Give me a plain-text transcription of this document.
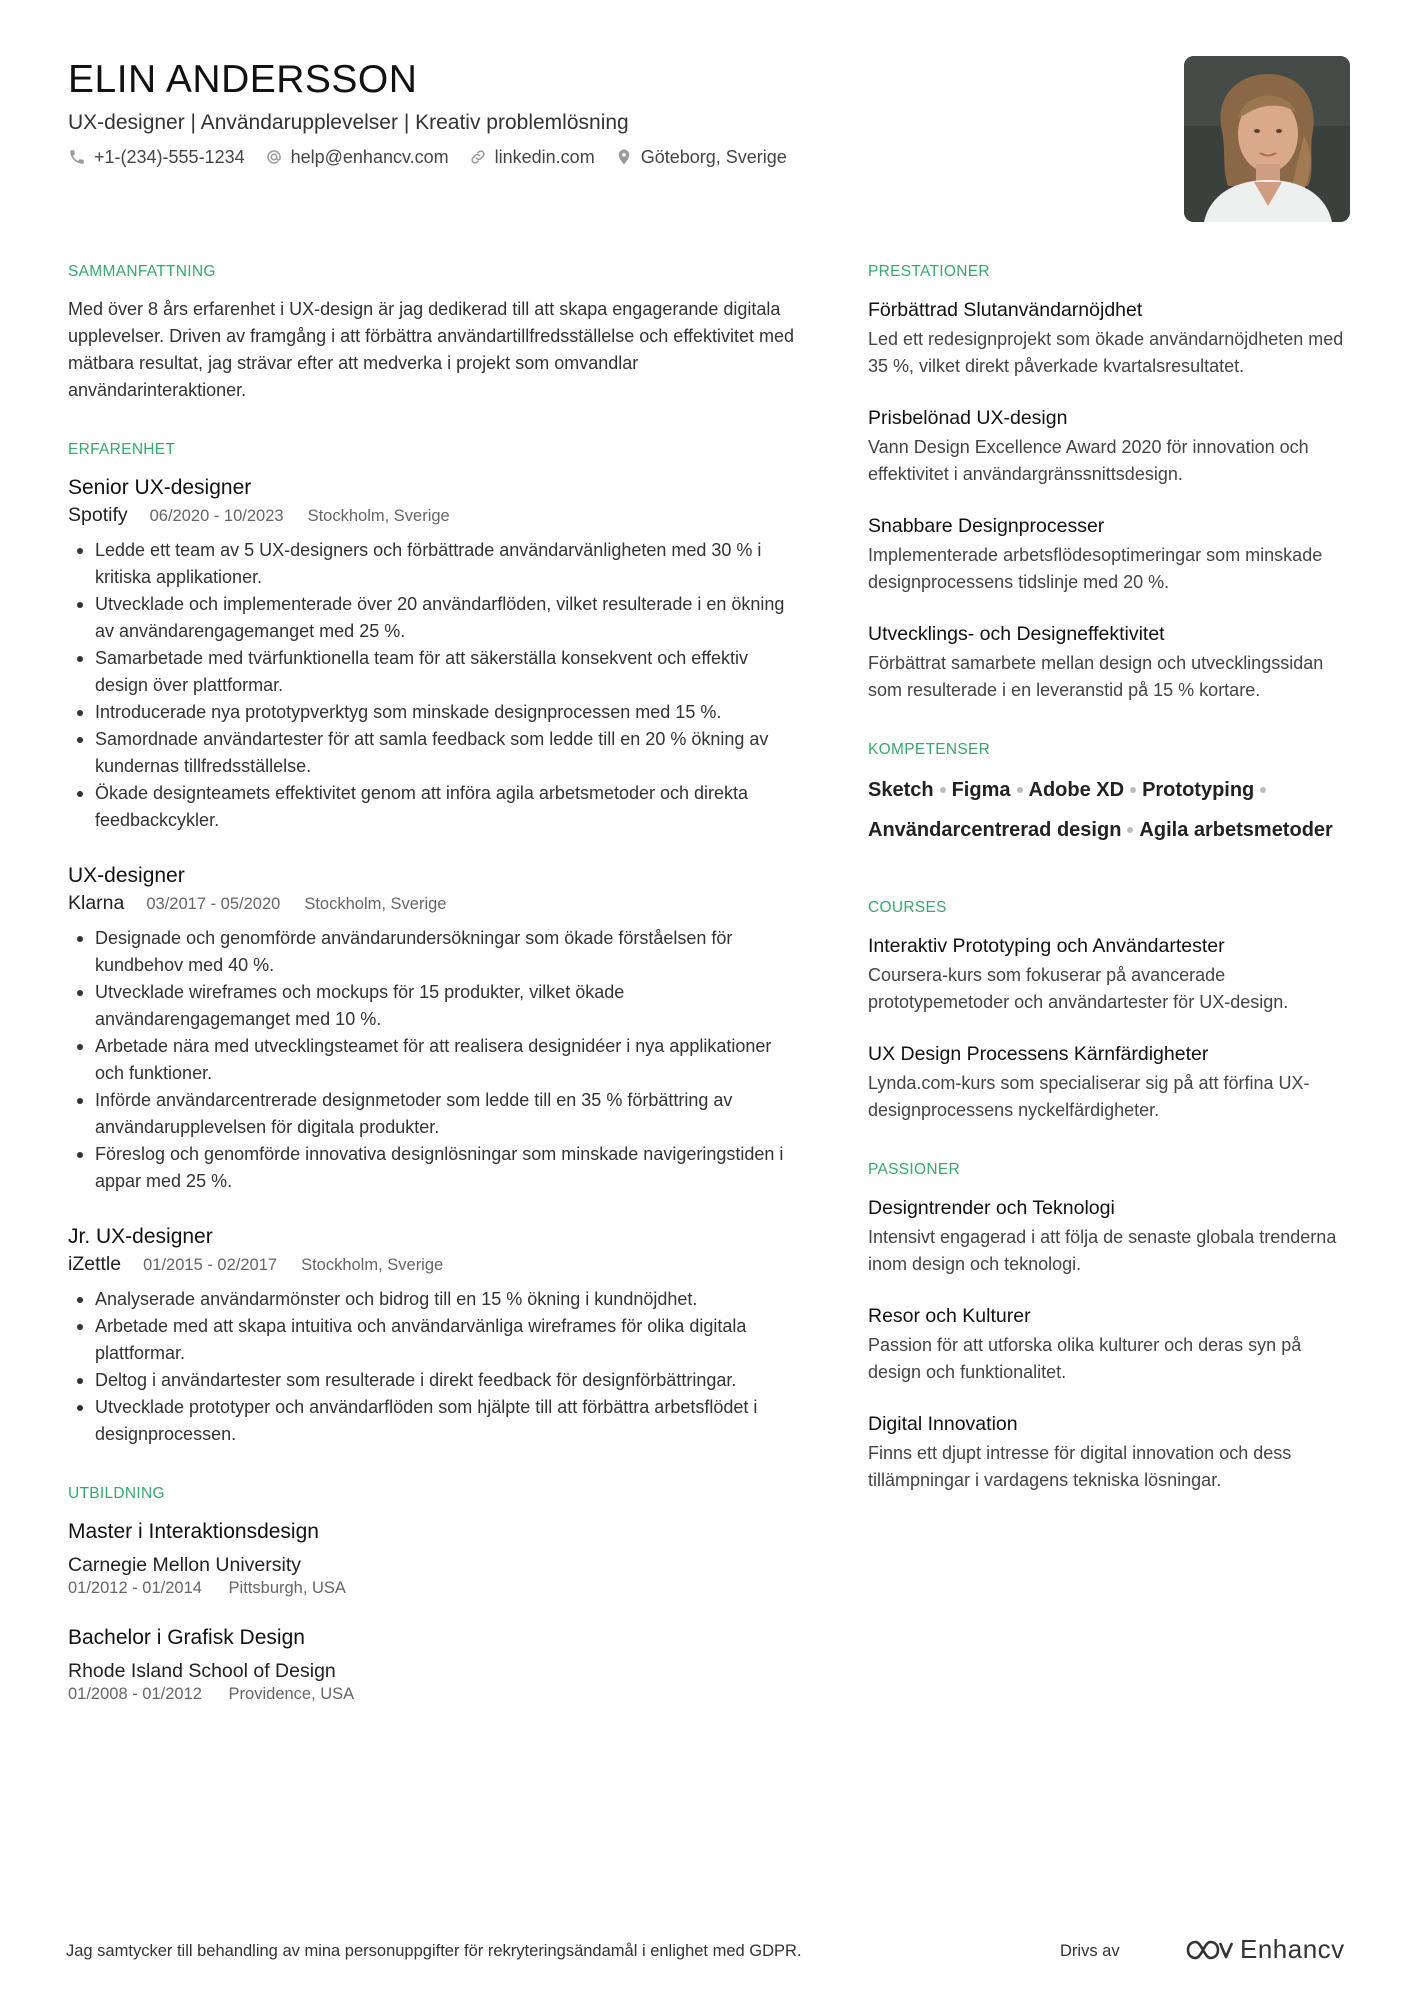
ELIN ANDERSSON
UX-designer | Användarupplevelser | Kreativ problemlösning
+1-(234)-555-1234	help@enhancv.com	linkedin.com	Göteborg, Sverige
SAMMANFATTNING

Med över 8 års erfarenhet i UX-design är jag dedikerad till att skapa engagerande digitala upplevelser. Driven av framgång i att förbättra användartillfredsställelse och effektivitet med mätbara resultat, jag strävar efter att medverka i projekt som omvandlar användarinteraktioner.

ERFARENHET
Senior UX-designer
Spotify 06/2020 - 10/2023 Stockholm, Sverige
Ledde ett team av 5 UX-designers och förbättrade användarvänligheten med 30 % i kritiska applikationer.
Utvecklade och implementerade över 20 användarflöden, vilket resulterade i en ökning av användarengagemanget med 25 %.
Samarbetade med tvärfunktionella team för att säkerställa konsekvent och effektiv design över plattformar.
Introducerade nya prototypverktyg som minskade designprocessen med 15 %.
Samordnade användartester för att samla feedback som ledde till en 20 % ökning av kundernas tillfredsställelse.
Ökade designteamets effektivitet genom att införa agila arbetsmetoder och direkta feedbackcykler.
UX-designer
Klarna 03/2017 - 05/2020 Stockholm, Sverige
Designade och genomförde användarundersökningar som ökade förståelsen för kundbehov med 40 %.
Utvecklade wireframes och mockups för 15 produkter, vilket ökade användarengagemanget med 10 %.
Arbetade nära med utvecklingsteamet för att realisera designidéer i nya applikationer och funktioner.
Införde användarcentrerade designmetoder som ledde till en 35 % förbättring av användarupplevelsen för digitala produkter.
Föreslog och genomförde innovativa designlösningar som minskade navigeringstiden i appar med 25 %.
Jr. UX-designer
iZettle 01/2015 - 02/2017 Stockholm, Sverige
Analyserade användarmönster och bidrog till en 15 % ökning i kundnöjdhet.
Arbetade med att skapa intuitiva och användarvänliga wireframes för olika digitala plattformar.
Deltog i användartester som resulterade i direkt feedback för designförbättringar.
Utvecklade prototyper och användarflöden som hjälpte till att förbättra arbetsflödet i designprocessen.
UTBILDNING
Master i Interaktionsdesign
Carnegie Mellon University
01/2012 - 01/2014 Pittsburgh, USA
Bachelor i Grafisk Design
Rhode Island School of Design
01/2008 - 01/2012 Providence, USA
PRESTATIONER
Förbättrad Slutanvändarnöjdhet
Led ett redesignprojekt som ökade användarnöjdheten med 35 %, vilket direkt påverkade kvartalsresultatet.
Prisbelönad UX-design
Vann Design Excellence Award 2020 för innovation och effektivitet i användargränssnittsdesign.
Snabbare Designprocesser
Implementerade arbetsflödesoptimeringar som minskade designprocessens tidslinje med 20 %.
Utvecklings- och Designeffektivitet
Förbättrat samarbete mellan design och utvecklingssidan som resulterade i en leveranstid på 15 % kortare.
KOMPETENSER
Sketch Figma Adobe XD Prototyping
Användarcentrerad design Agila arbetsmetoder
COURSES
Interaktiv Prototyping och Användartester
Coursera-kurs som fokuserar på avancerade prototypemetoder och användartester för UX-design.
UX Design Processens Kärnfärdigheter
Lynda.com-kurs som specialiserar sig på att förfina UX-designprocessens nyckelfärdigheter.
PASSIONER
Designtrender och Teknologi
Intensivt engagerad i att följa de senaste globala trenderna inom design och teknologi.
Resor och Kulturer
Passion för att utforska olika kulturer och deras syn på design och funktionalitet.
Digital Innovation
Finns ett djupt intresse för digital innovation och dess tillämpningar i vardagens tekniska lösningar.
Jag samtycker till behandling av mina personuppgifter för rekryteringsändamål i enlighet med GDPR.	Drivs av	Enhancv
